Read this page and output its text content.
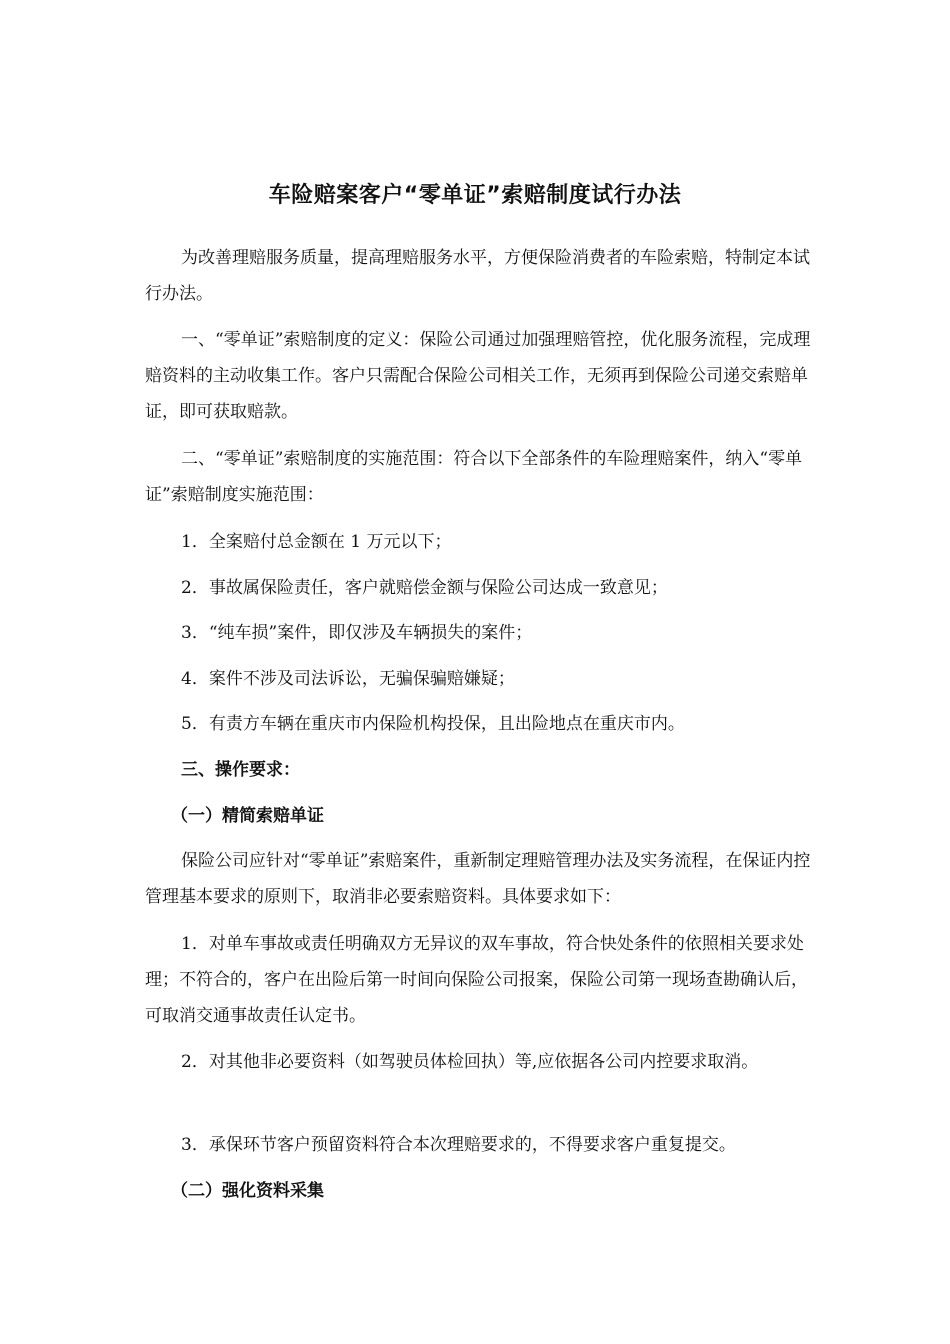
车险赔案客户“零单证”索赔制度试行办法

为改善理赔服务质量，提高理赔服务水平，方便保险消费者的车险索赔，特制定本试行办法。

一、“零单证”索赔制度的定义：保险公司通过加强理赔管控，优化服务流程，完成理赔资料的主动收集工作。客户只需配合保险公司相关工作，无须再到保险公司递交索赔单证，即可获取赔款。

二、“零单证”索赔制度的实施范围：符合以下全部条件的车险理赔案件，纳入“零单证”索赔制度实施范围：

1．全案赔付总金额在 1 万元以下；

2．事故属保险责任，客户就赔偿金额与保险公司达成一致意见；

3．“纯车损”案件，即仅涉及车辆损失的案件；

4．案件不涉及司法诉讼，无骗保骗赔嫌疑；

5．有责方车辆在重庆市内保险机构投保，且出险地点在重庆市内。

三、操作要求：
（一）精简索赔单证

保险公司应针对“零单证”索赔案件，重新制定理赔管理办法及实务流程，在保证内控管理基本要求的原则下，取消非必要索赔资料。具体要求如下：

1．对单车事故或责任明确双方无异议的双车事故，符合快处条件的依照相关要求处理；不符合的，客户在出险后第一时间向保险公司报案，保险公司第一现场查勘确认后，可取消交通事故责任认定书。

2．对其他非必要资料（如驾驶员体检回执）等,应依据各公司内控要求取消。

3．承保环节客户预留资料符合本次理赔要求的，不得要求客户重复提交。

（二）强化资料采集
